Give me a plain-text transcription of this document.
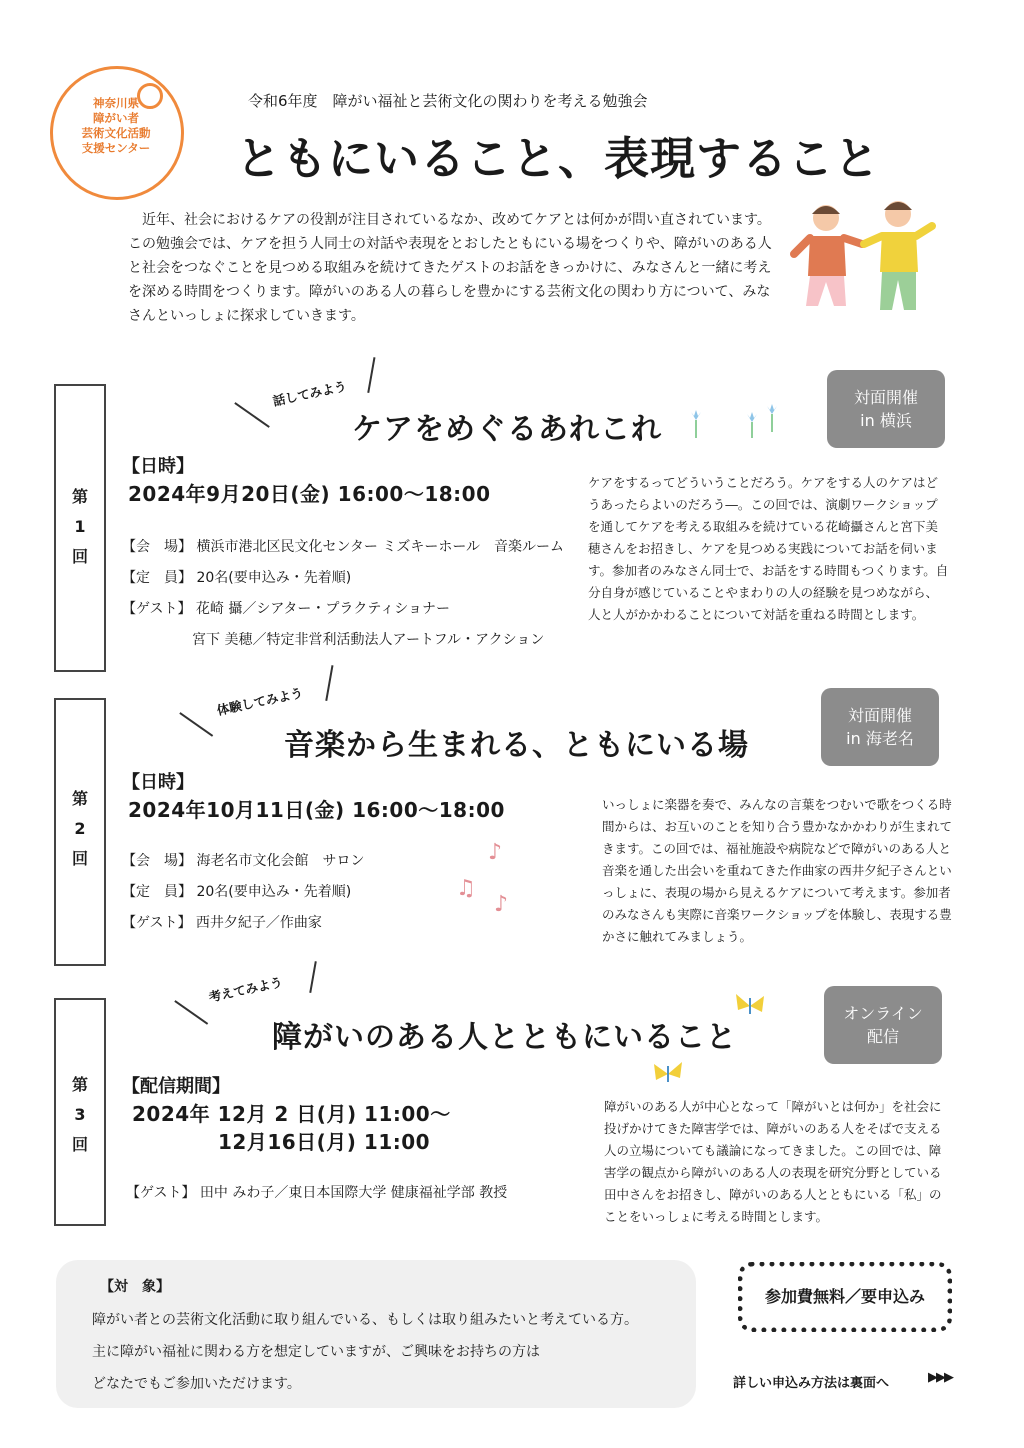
神奈川県
障がい者
芸術文化活動
支援センター
令和6年度　障がい福祉と芸術文化の関わりを考える勉強会
ともにいること、表現すること
近年、社会におけるケアの役割が注目されているなか、改めてケアとは何かが問い直されています。この勉強会では、ケアを担う人同士の対話や表現をとおしたともにいる場をつくりや、障がいのある人と社会をつなぐことを見つめる取組みを続けてきたゲストのお話をきっかけに、みなさんと一緒に考えを深める時間をつくります。障がいのある人の暮らしを豊かにする芸術文化の関わり方について、みなさんといっしょに探求していきます。
第
1
回
話してみよう
ケアをめぐるあれこれ
対面開催
in 横浜
【日時】
2024年9月20日(金) 16:00～18:00
【会　場】 横浜市港北区民文化センター ミズキーホール　音楽ルーム
【定　員】 20名(要申込み・先着順)
【ゲスト】 花崎 攝／シアター・プラクティショナー
　　　　　宮下 美穂／特定非営利活動法人アートフル・アクション
ケアをするってどういうことだろう。ケアをする人のケアはどうあったらよいのだろう―。この回では、演劇ワークショップを通してケアを考える取組みを続けている花崎攝さんと宮下美穂さんをお招きし、ケアを見つめる実践についてお話を伺います。参加者のみなさん同士で、お話をする時間もつくります。自分自身が感じていることやまわりの人の経験を見つめながら、人と人がかかわることについて対話を重ねる時間とします。
第
2
回
体験してみよう
音楽から生まれる、ともにいる場
対面開催
in 海老名
【日時】
2024年10月11日(金) 16:00～18:00
【会　場】 海老名市文化会館　サロン
【定　員】 20名(要申込み・先着順)
【ゲスト】 西井夕紀子／作曲家
♪
♫
♪
いっしょに楽器を奏で、みんなの言葉をつむいで歌をつくる時間からは、お互いのことを知り合う豊かなかかわりが生まれてきます。この回では、福祉施設や病院などで障がいのある人と音楽を通した出会いを重ねてきた作曲家の西井夕紀子さんといっしょに、表現の場から見えるケアについて考えます。参加者のみなさんも実際に音楽ワークショップを体験し、表現する豊かさに触れてみましょう。
第
3
回
考えてみよう
障がいのある人とともにいること
オンライン
配信
【配信期間】
2024年 12月 2 日(月) 11:00～
12月16日(月) 11:00
【ゲスト】 田中 みわ子／東日本国際大学 健康福祉学部 教授
障がいのある人が中心となって「障がいとは何か」を社会に投げかけてきた障害学では、障がいのある人をそばで支える人の立場についても議論になってきました。この回では、障害学の観点から障がいのある人の表現を研究分野としている田中さんをお招きし、障がいのある人とともにいる「私」のことをいっしょに考える時間とします。
【対　象】
障がい者との芸術文化活動に取り組んでいる、もしくは取り組みたいと考えている方。
主に障がい福祉に関わる方を想定していますが、ご興味をお持ちの方は
どなたでもご参加いただけます。
参加費無料／要申込み
詳しい申込み方法は裏面へ	▶▶▶
